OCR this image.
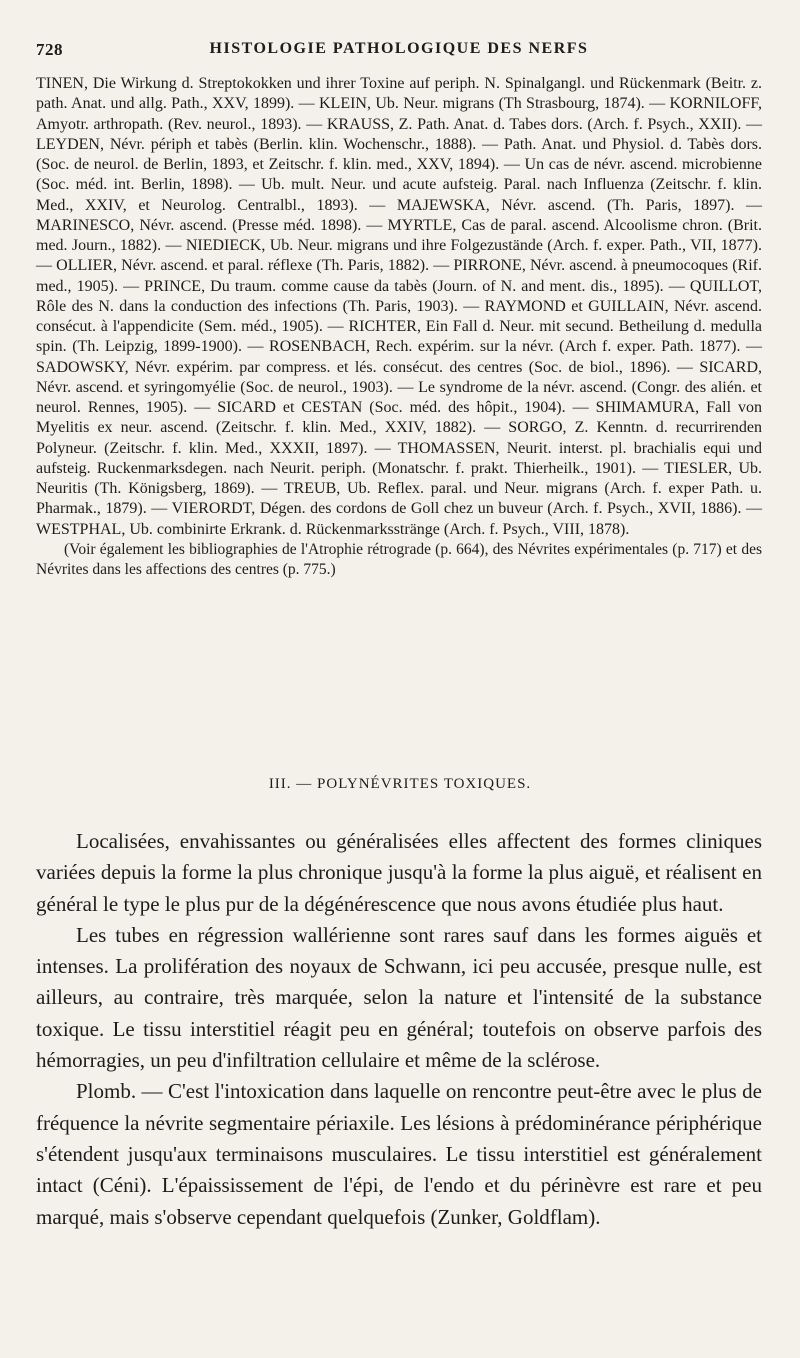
728	HISTOLOGIE PATHOLOGIQUE DES NERFS

TINEN, Die Wirkung d. Streptokokken und ihrer Toxine auf periph. N. Spinalgangl. und Rückenmark (Beitr. z. path. Anat. und allg. Path., XXV, 1899). — KLEIN, Ub. Neur. migrans (Th Strasbourg, 1874). — KORNILOFF, Amyotr. arthropath. (Rev. neurol., 1893). — KRAUSS, Z. Path. Anat. d. Tabes dors. (Arch. f. Psych., XXII). — LEYDEN, Névr. périph et tabès (Berlin. klin. Wochenschr., 1888). — Path. Anat. und Physiol. d. Tabès dors. (Soc. de neurol. de Berlin, 1893, et Zeitschr. f. klin. med., XXV, 1894). — Un cas de névr. ascend. microbienne (Soc. méd. int. Berlin, 1898). — Ub. mult. Neur. und acute aufsteig. Paral. nach Influenza (Zeitschr. f. klin. Med., XXIV, et Neurolog. Centralbl., 1893). — MAJEWSKA, Névr. ascend. (Th. Paris, 1897). — MARINESCO, Névr. ascend. (Presse méd. 1898). — MYRTLE, Cas de paral. ascend. Alcoolisme chron. (Brit. med. Journ., 1882). — NIEDIECK, Ub. Neur. migrans und ihre Folgezustände (Arch. f. exper. Path., VII, 1877). — OLLIER, Névr. ascend. et paral. réflexe (Th. Paris, 1882). — PIRRONE, Névr. ascend. à pneumocoques (Rif. med., 1905). — PRINCE, Du traum. comme cause da tabès (Journ. of N. and ment. dis., 1895). — QUILLOT, Rôle des N. dans la conduction des infections (Th. Paris, 1903). — RAYMOND et GUILLAIN, Névr. ascend. consécut. à l'appendicite (Sem. méd., 1905). — RICHTER, Ein Fall d. Neur. mit secund. Betheilung d. medulla spin. (Th. Leipzig, 1899-1900). — ROSENBACH, Rech. expérim. sur la névr. (Arch f. exper. Path. 1877). — SADOWSKY, Névr. expérim. par compress. et lés. consécut. des centres (Soc. de biol., 1896). — SICARD, Névr. ascend. et syringomyélie (Soc. de neurol., 1903). — Le syndrome de la névr. ascend. (Congr. des alién. et neurol. Rennes, 1905). — SICARD et CESTAN (Soc. méd. des hôpit., 1904). — SHIMAMURA, Fall von Myelitis ex neur. ascend. (Zeitschr. f. klin. Med., XXIV, 1882). — SORGO, Z. Kenntn. d. recurrirenden Polyneur. (Zeitschr. f. klin. Med., XXXII, 1897). — THOMASSEN, Neurit. interst. pl. brachialis equi und aufsteig. Ruckenmarksdegen. nach Neurit. periph. (Monatschr. f. prakt. Thierheilk., 1901). — TIESLER, Ub. Neuritis (Th. Königsberg, 1869). — TREUB, Ub. Reflex. paral. und Neur. migrans (Arch. f. exper Path. u. Pharmak., 1879). — VIERORDT, Dégen. des cordons de Goll chez un buveur (Arch. f. Psych., XVII, 1886). — WESTPHAL, Ub. combinirte Erkrank. d. Rückenmarksstränge (Arch. f. Psych., VIII, 1878).

(Voir également les bibliographies de l'Atrophie rétrograde (p. 664), des Névrites expérimentales (p. 717) et des Névrites dans les affections des centres (p. 775.)

III. — POLYNÉVRITES TOXIQUES.

Localisées, envahissantes ou généralisées elles affectent des formes cliniques variées depuis la forme la plus chronique jusqu'à la forme la plus aiguë, et réalisent en général le type le plus pur de la dégénérescence que nous avons étudiée plus haut.

Les tubes en régression wallérienne sont rares sauf dans les formes aiguës et intenses. La prolifération des noyaux de Schwann, ici peu accusée, presque nulle, est ailleurs, au contraire, très marquée, selon la nature et l'intensité de la substance toxique. Le tissu interstitiel réagit peu en général; toutefois on observe parfois des hémorragies, un peu d'infiltration cellulaire et même de la sclérose.

Plomb. — C'est l'intoxication dans laquelle on rencontre peut-être avec le plus de fréquence la névrite segmentaire périaxile. Les lésions à prédominérance périphérique s'étendent jusqu'aux terminaisons musculaires. Le tissu interstitiel est généralement intact (Céni). L'épaississement de l'épi, de l'endo et du périnèvre est rare et peu marqué, mais s'observe cependant quelquefois (Zunker, Goldflam).
